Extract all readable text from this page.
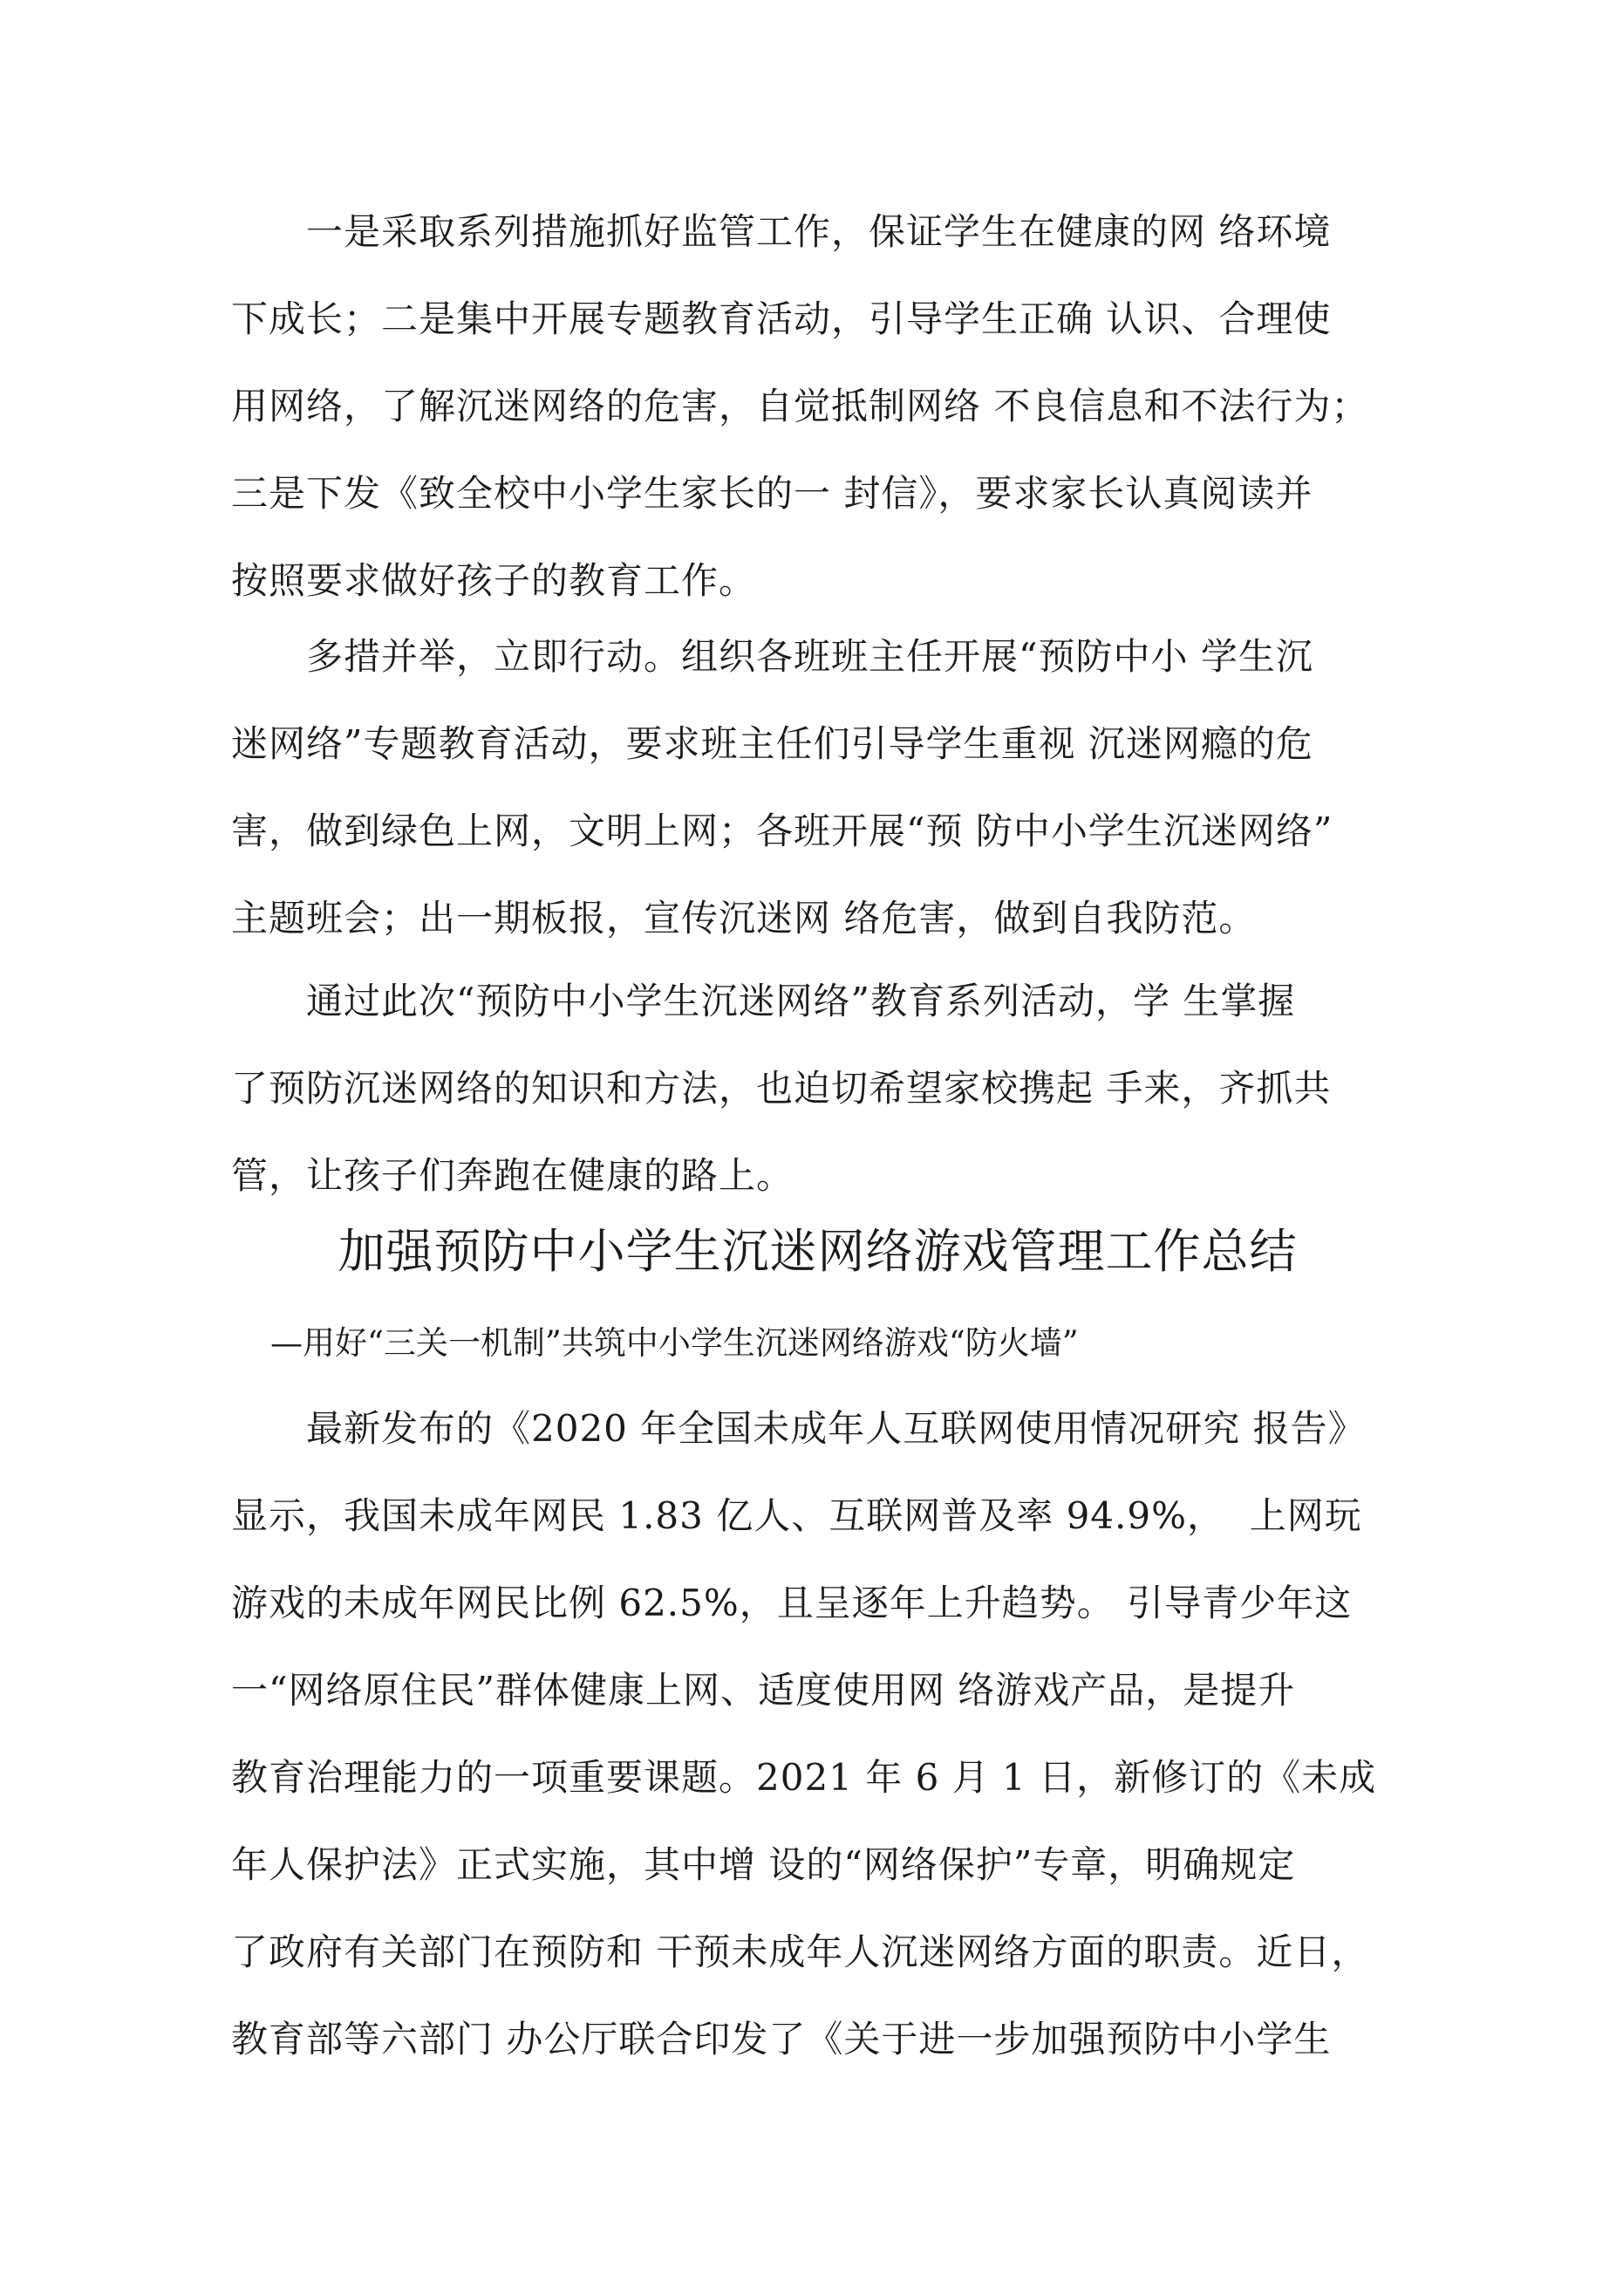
　　一是采取系列措施抓好监管工作，保证学生在健康的网 络环境
下成长；二是集中开展专题教育活动，引导学生正确 认识、合理使
用网络，了解沉迷网络的危害，自觉抵制网络 不良信息和不法行为；
三是下发《致全校中小学生家长的一 封信》，要求家长认真阅读并
按照要求做好孩子的教育工作。
　　多措并举，立即行动。组织各班班主任开展“预防中小 学生沉
迷网络”专题教育活动，要求班主任们引导学生重视 沉迷网瘾的危
害，做到绿色上网，文明上网；各班开展“预 防中小学生沉迷网络”
主题班会；出一期板报，宣传沉迷网 络危害，做到自我防范。
　　通过此次“预防中小学生沉迷网络”教育系列活动，学 生掌握
了预防沉迷网络的知识和方法，也迫切希望家校携起 手来，齐抓共
管，让孩子们奔跑在健康的路上。
加强预防中小学生沉迷网络游戏管理工作总结
—用好“三关一机制”共筑中小学生沉迷网络游戏“防火墙”
　　最新发布的《2020 年全国未成年人互联网使用情况研究 报告》
显示，我国未成年网民 1.83 亿人、互联网普及率 94.9%，  上网玩
游戏的未成年网民比例 62.5%，且呈逐年上升趋势。 引导青少年这
一“网络原住民”群体健康上网、适度使用网 络游戏产品，是提升
教育治理能力的一项重要课题。2021 年 6 月 1 日，新修订的《未成
年人保护法》正式实施，其中增 设的“网络保护”专章，明确规定
了政府有关部门在预防和 干预未成年人沉迷网络方面的职责。近日，
教育部等六部门 办公厅联合印发了《关于进一步加强预防中小学生
